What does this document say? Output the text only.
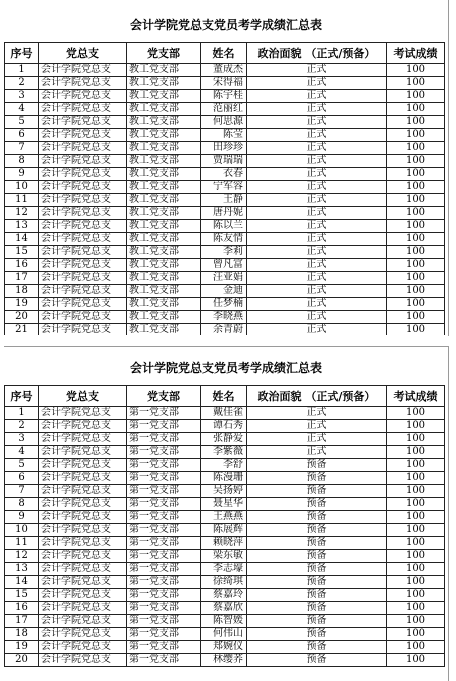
会计学院党总支党员考学成绩汇总表
序号	党总支	党支部	姓名	政治面貌 （正式/预备）	考试成绩
1	会计学院党总支	教工党支部	董成杰	正式	100
2	会计学院党总支	教工党支部	宋得福	正式	100
3	会计学院党总支	教工党支部	陈宇桂	正式	100
4	会计学院党总支	教工党支部	范丽红	正式	100
5	会计学院党总支	教工党支部	何思源	正式	100
6	会计学院党总支	教工党支部	陈莹	正式	100
7	会计学院党总支	教工党支部	田珍珍	正式	100
8	会计学院党总支	教工党支部	贾瑞瑞	正式	100
9	会计学院党总支	教工党支部	衣春	正式	100
10	会计学院党总支	教工党支部	宁军容	正式	100
11	会计学院党总支	教工党支部	王静	正式	100
12	会计学院党总支	教工党支部	唐丹妮	正式	100
13	会计学院党总支	教工党支部	陈以兰	正式	100
14	会计学院党总支	教工党支部	陈友情	正式	100
15	会计学院党总支	教工党支部	李莉	正式	100
16	会计学院党总支	教工党支部	曾凡富	正式	100
17	会计学院党总支	教工党支部	汪亚娟	正式	100
18	会计学院党总支	教工党支部	金迪	正式	100
19	会计学院党总支	教工党支部	任梦楠	正式	100
20	会计学院党总支	教工党支部	李晓燕	正式	100
21	会计学院党总支	教工党支部	余青蔚	正式	100
会计学院党总支党员考学成绩汇总表
序号	党总支	党支部	姓名	政治面貌 （正式/预备）	考试成绩
1	会计学院党总支	第一党支部	戴佳雀	正式	100
2	会计学院党总支	第一党支部	谭石秀	正式	100
3	会计学院党总支	第一党支部	张静爱	正式	100
4	会计学院党总支	第一党支部	李紫薇	正式	100
5	会计学院党总支	第一党支部	李舒	预备	100
6	会计学院党总支	第一党支部	陈漫珊	预备	100
7	会计学院党总支	第一党支部	吴扬婷	预备	100
8	会计学院党总支	第一党支部	聂星华	预备	100
9	会计学院党总支	第一党支部	王燕燕	预备	100
10	会计学院党总支	第一党支部	陈展辉	预备	100
11	会计学院党总支	第一党支部	赖晓萍	预备	100
12	会计学院党总支	第一党支部	梁东敏	预备	100
13	会计学院党总支	第一党支部	李志壕	预备	100
14	会计学院党总支	第一党支部	徐绮琪	预备	100
15	会计学院党总支	第一党支部	蔡嘉玲	预备	100
16	会计学院党总支	第一党支部	蔡嘉欣	预备	100
17	会计学院党总支	第一党支部	陈智媛	预备	100
18	会计学院党总支	第一党支部	何伟山	预备	100
19	会计学院党总支	第一党支部	郑婉仪	预备	100
20	会计学院党总支	第一党支部	林缨荞	预备	100
